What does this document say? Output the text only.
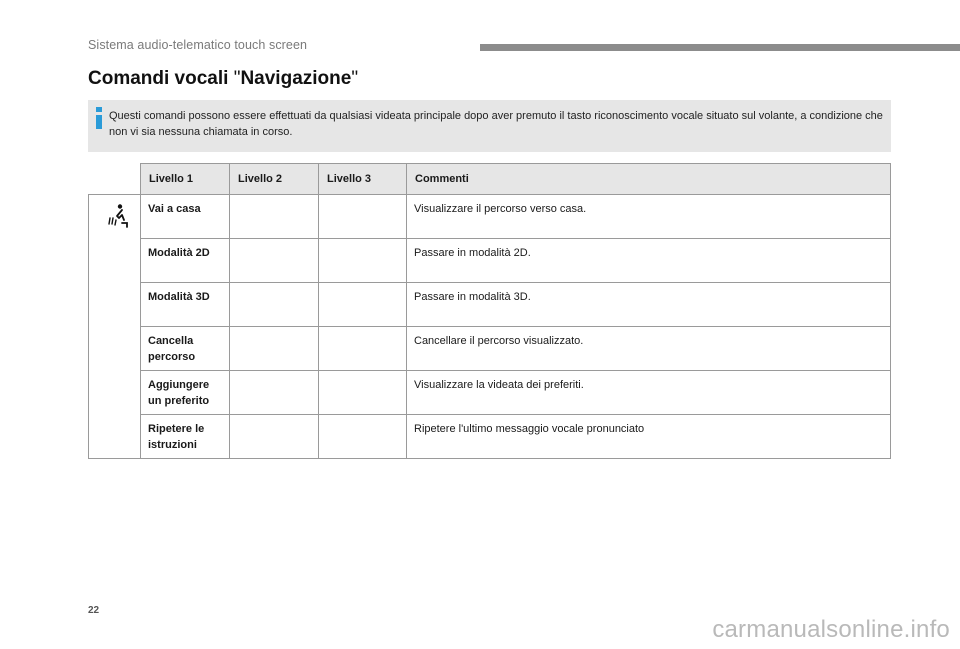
Sistema audio-telematico touch screen
Comandi vocali "Navigazione"
Questi comandi possono essere effettuati da qualsiasi videata principale dopo aver premuto il tasto riconoscimento vocale situato sul volante, a condizione che non vi sia nessuna chiamata in corso.
	Livello 1	Livello 2	Livello 3	Commenti

	Vai a casa			Visualizzare il percorso verso casa.
	Modalità 2D			Passare in modalità 2D.
	Modalità 3D			Passare in modalità 3D.
	Cancella percorso			Cancellare il percorso visualizzato.
	Aggiungere un preferito			Visualizzare la videata dei preferiti.
	Ripetere le istruzioni			Ripetere l'ultimo messaggio vocale pronunciato
22
carmanualsonline.info
